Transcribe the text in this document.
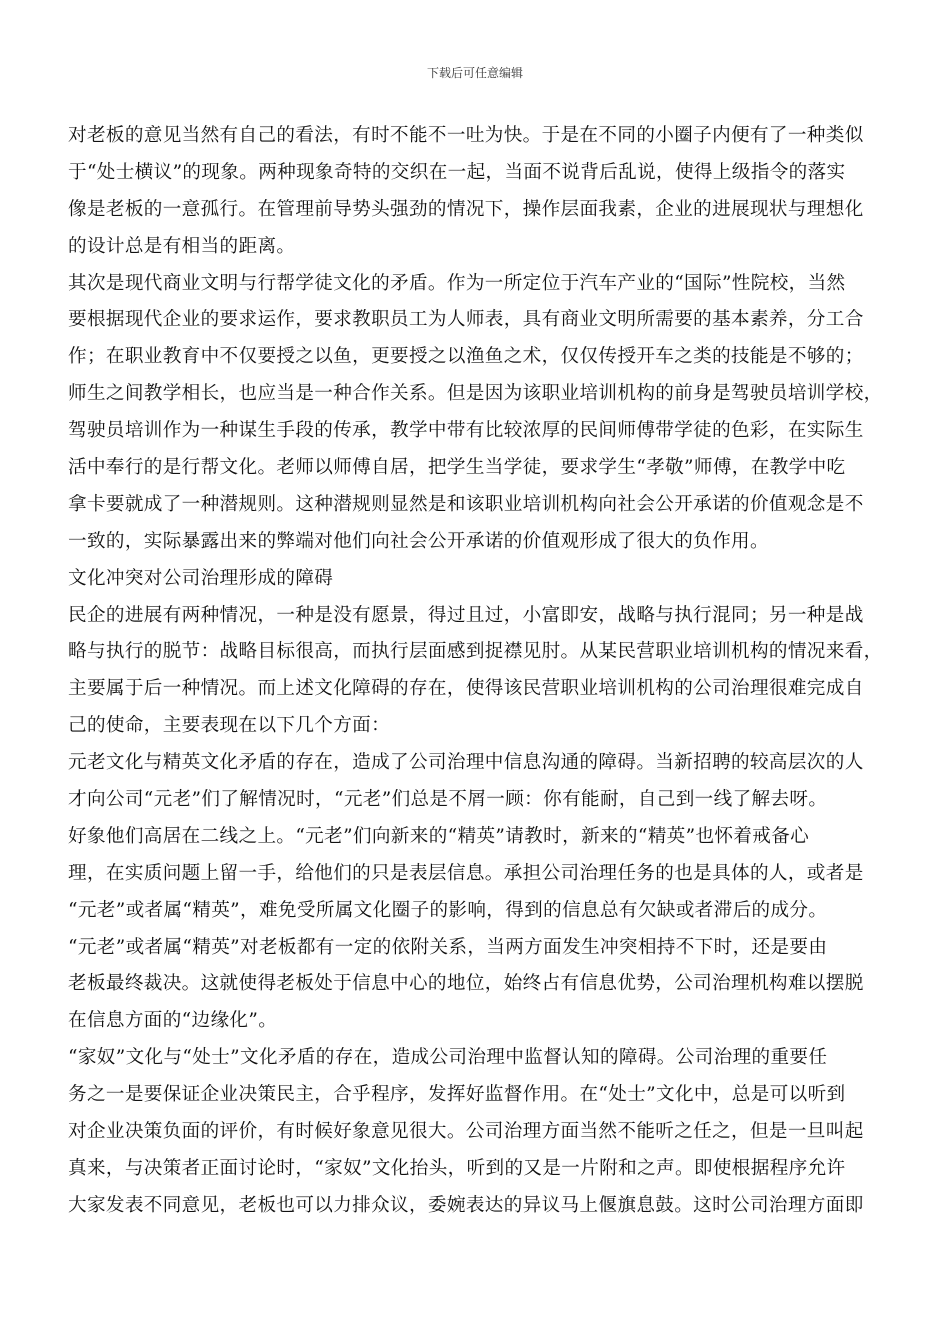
下载后可任意编辑
对老板的意见当然有自己的看法，有时不能不一吐为快。于是在不同的小圈子内便有了一种类似
于“处士横议”的现象。两种现象奇特的交织在一起，当面不说背后乱说，使得上级指令的落实
像是老板的一意孤行。在管理前导势头强劲的情况下，操作层面我素，企业的进展现状与理想化
的设计总是有相当的距离。
其次是现代商业文明与行帮学徒文化的矛盾。作为一所定位于汽车产业的“国际”性院校，当然
要根据现代企业的要求运作，要求教职员工为人师表，具有商业文明所需要的基本素养，分工合
作；在职业教育中不仅要授之以鱼，更要授之以渔鱼之术，仅仅传授开车之类的技能是不够的；
师生之间教学相长，也应当是一种合作关系。但是因为该职业培训机构的前身是驾驶员培训学校，
驾驶员培训作为一种谋生手段的传承，教学中带有比较浓厚的民间师傅带学徒的色彩，在实际生
活中奉行的是行帮文化。老师以师傅自居，把学生当学徒，要求学生“孝敬”师傅，在教学中吃
拿卡要就成了一种潜规则。这种潜规则显然是和该职业培训机构向社会公开承诺的价值观念是不
一致的，实际暴露出来的弊端对他们向社会公开承诺的价值观形成了很大的负作用。
文化冲突对公司治理形成的障碍
民企的进展有两种情况，一种是没有愿景，得过且过，小富即安，战略与执行混同；另一种是战
略与执行的脱节：战略目标很高，而执行层面感到捉襟见肘。从某民营职业培训机构的情况来看，
主要属于后一种情况。而上述文化障碍的存在，使得该民营职业培训机构的公司治理很难完成自
己的使命，主要表现在以下几个方面：
元老文化与精英文化矛盾的存在，造成了公司治理中信息沟通的障碍。当新招聘的较高层次的人
才向公司“元老”们了解情况时，“元老”们总是不屑一顾：你有能耐，自己到一线了解去呀。
好象他们高居在二线之上。“元老”们向新来的“精英”请教时，新来的“精英”也怀着戒备心
理，在实质问题上留一手，给他们的只是表层信息。承担公司治理任务的也是具体的人，或者是
“元老”或者属“精英”，难免受所属文化圈子的影响，得到的信息总有欠缺或者滞后的成分。
“元老”或者属“精英”对老板都有一定的依附关系，当两方面发生冲突相持不下时，还是要由
老板最终裁决。这就使得老板处于信息中心的地位，始终占有信息优势，公司治理机构难以摆脱
在信息方面的“边缘化”。
“家奴”文化与“处士”文化矛盾的存在，造成公司治理中监督认知的障碍。公司治理的重要任
务之一是要保证企业决策民主，合乎程序，发挥好监督作用。在“处士”文化中，总是可以听到
对企业决策负面的评价，有时候好象意见很大。公司治理方面当然不能听之任之，但是一旦叫起
真来，与决策者正面讨论时，“家奴”文化抬头，听到的又是一片附和之声。即使根据程序允许
大家发表不同意见，老板也可以力排众议，委婉表达的异议马上偃旗息鼓。这时公司治理方面即
